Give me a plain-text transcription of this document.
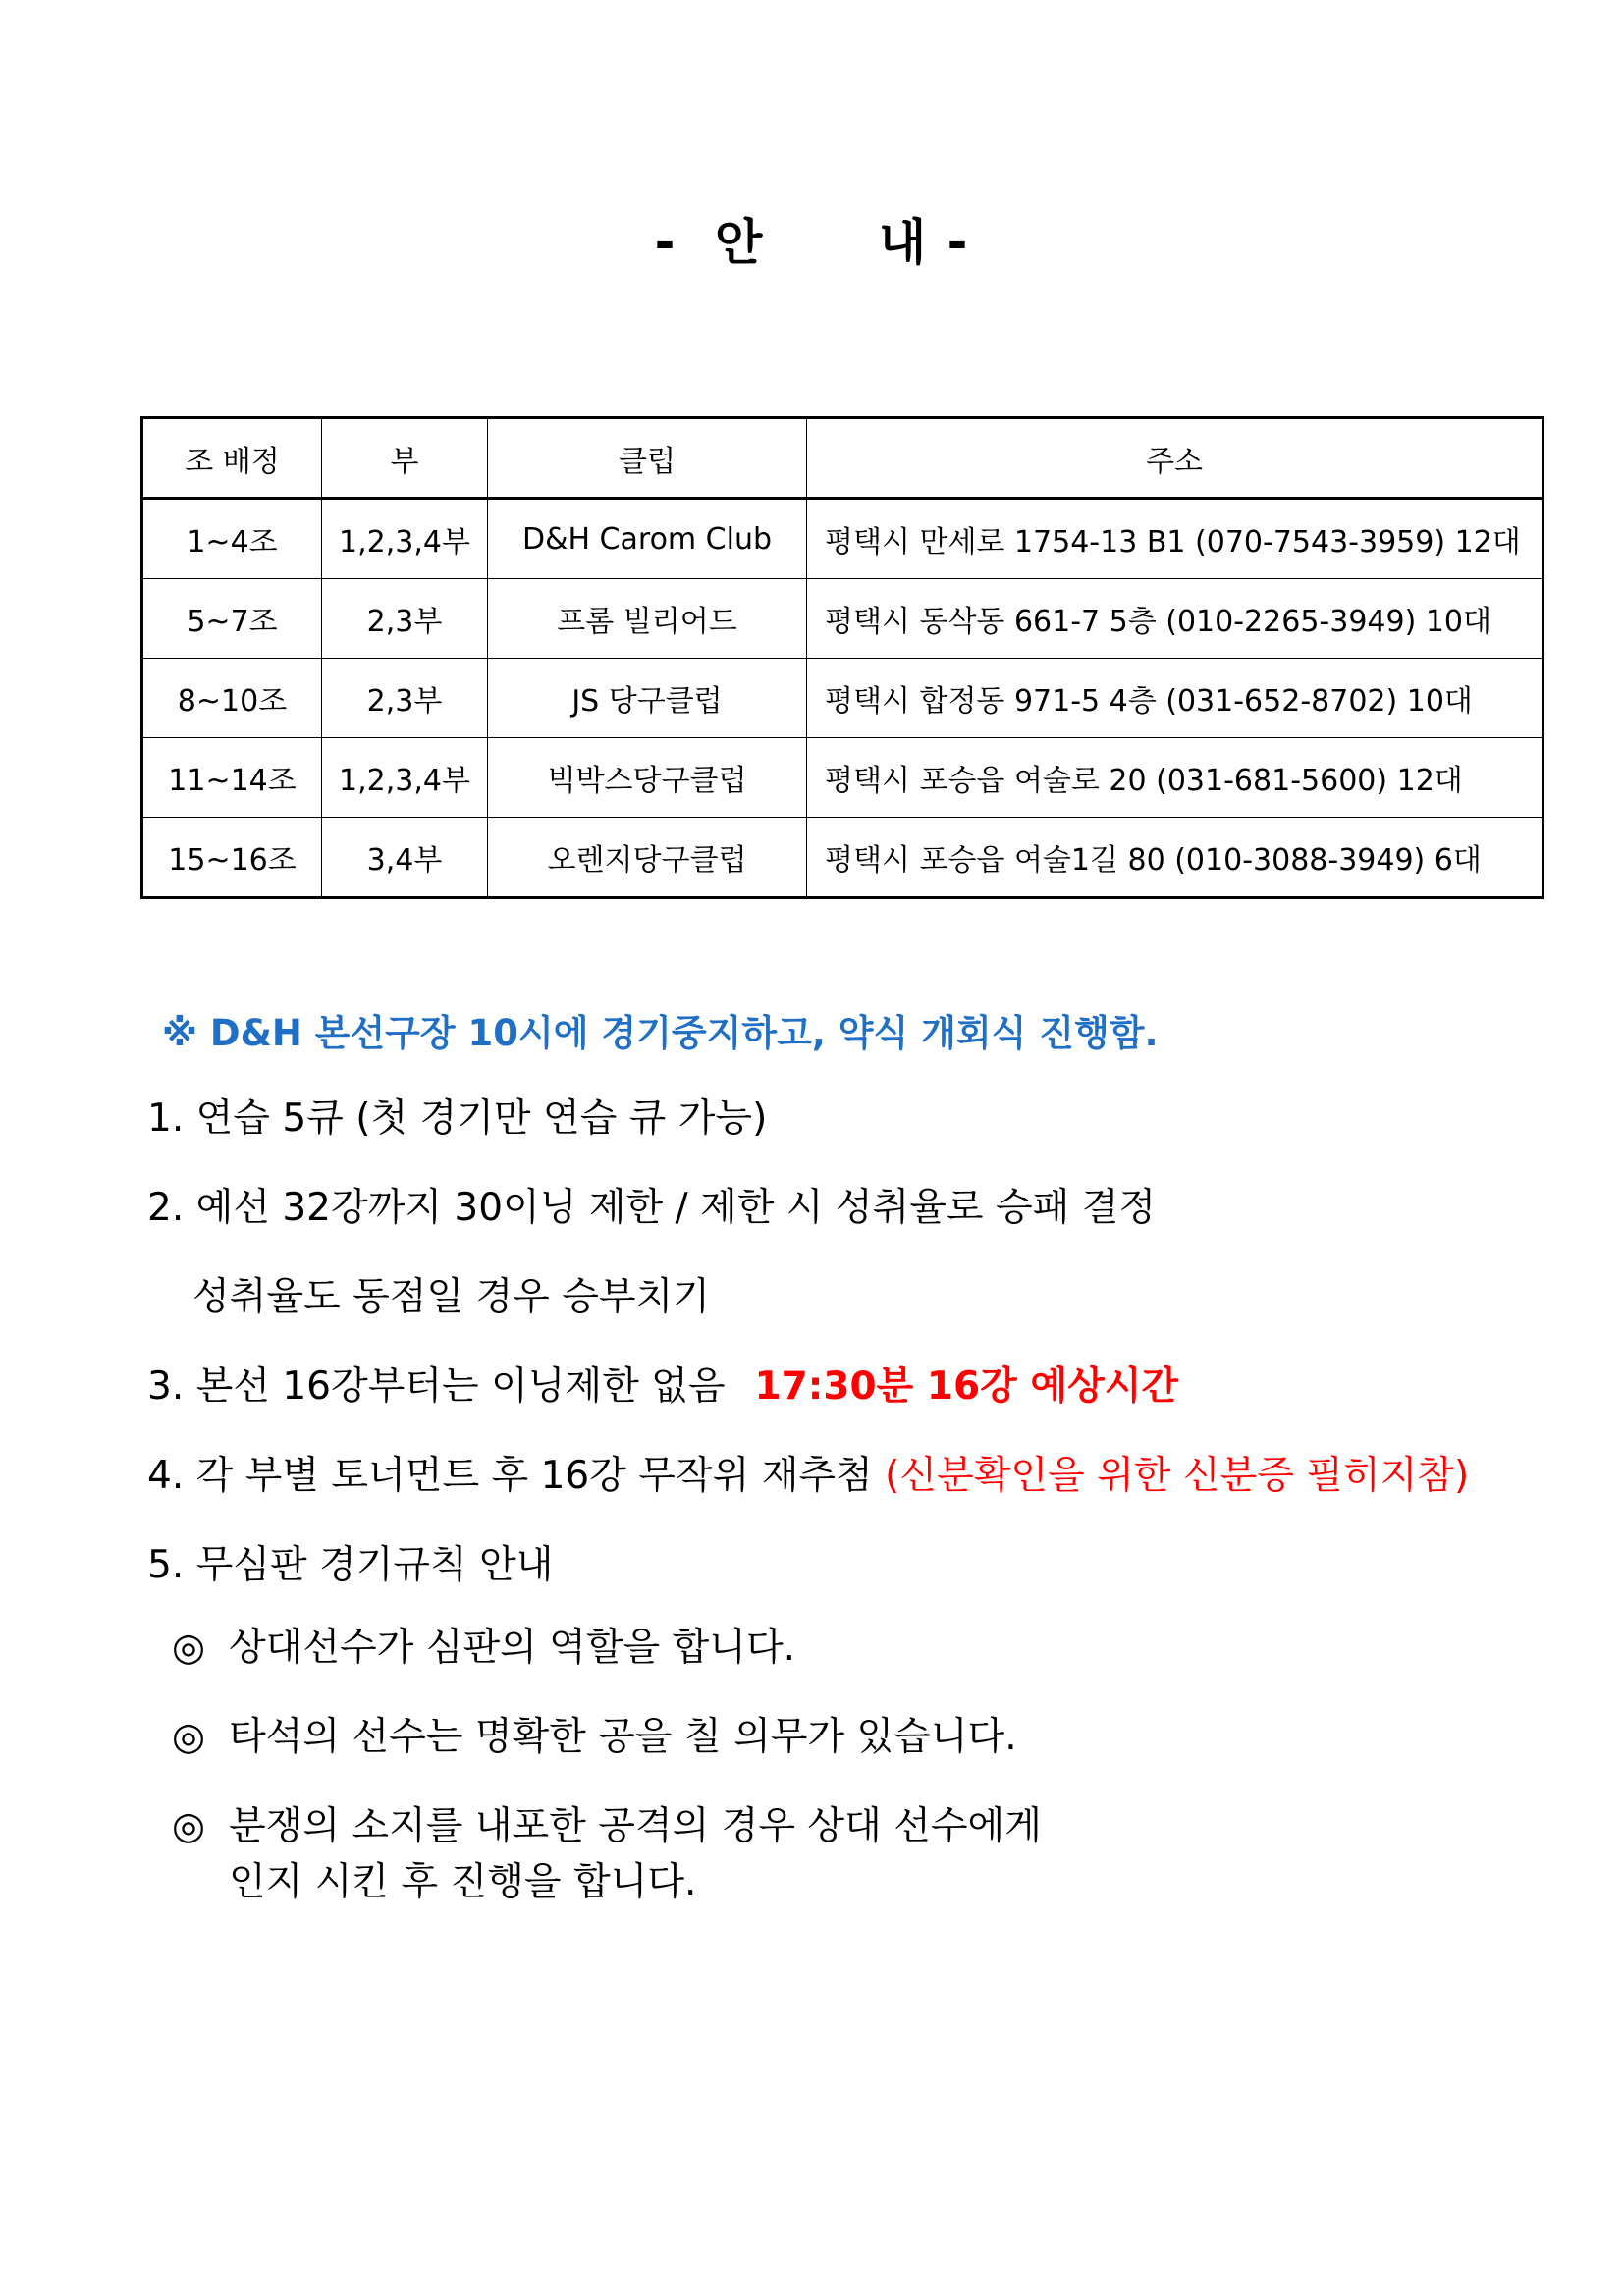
-  안      내 -
조 배정	부	클럽	주소
1~4조	1,2,3,4부	D&H Carom Club	평택시 만세로 1754-13 B1 (070-7543-3959) 12대
5~7조	2,3부	프롬 빌리어드	평택시 동삭동 661-7 5층 (010-2265-3949) 10대
8~10조	2,3부	JS 당구클럽	평택시 합정동 971-5 4층 (031-652-8702) 10대
11~14조	1,2,3,4부	빅박스당구클럽	평택시 포승읍 여술로 20 (031-681-5600) 12대
15~16조	3,4부	오렌지당구클럽	평택시 포승읍 여술1길 80 (010-3088-3949) 6대
※ D&H 본선구장 10시에 경기중지하고, 약식 개회식 진행함.
1. 연습 5큐 (첫 경기만 연습 큐 가능)
2. 예선 32강까지 30이닝 제한 / 제한 시 성취율로 승패 결정
성취율도 동점일 경우 승부치기
3. 본선 16강부터는 이닝제한 없음 17:30분 16강 예상시간
4. 각 부별 토너먼트 후 16강 무작위 재추첨 (신분확인을 위한 신분증 필히지참)
5. 무심판 경기규칙 안내
◎ 상대선수가 심판의 역할을 합니다.
◎ 타석의 선수는 명확한 공을 칠 의무가 있습니다.
◎ 분쟁의 소지를 내포한 공격의 경우 상대 선수에게
인지 시킨 후 진행을 합니다.
